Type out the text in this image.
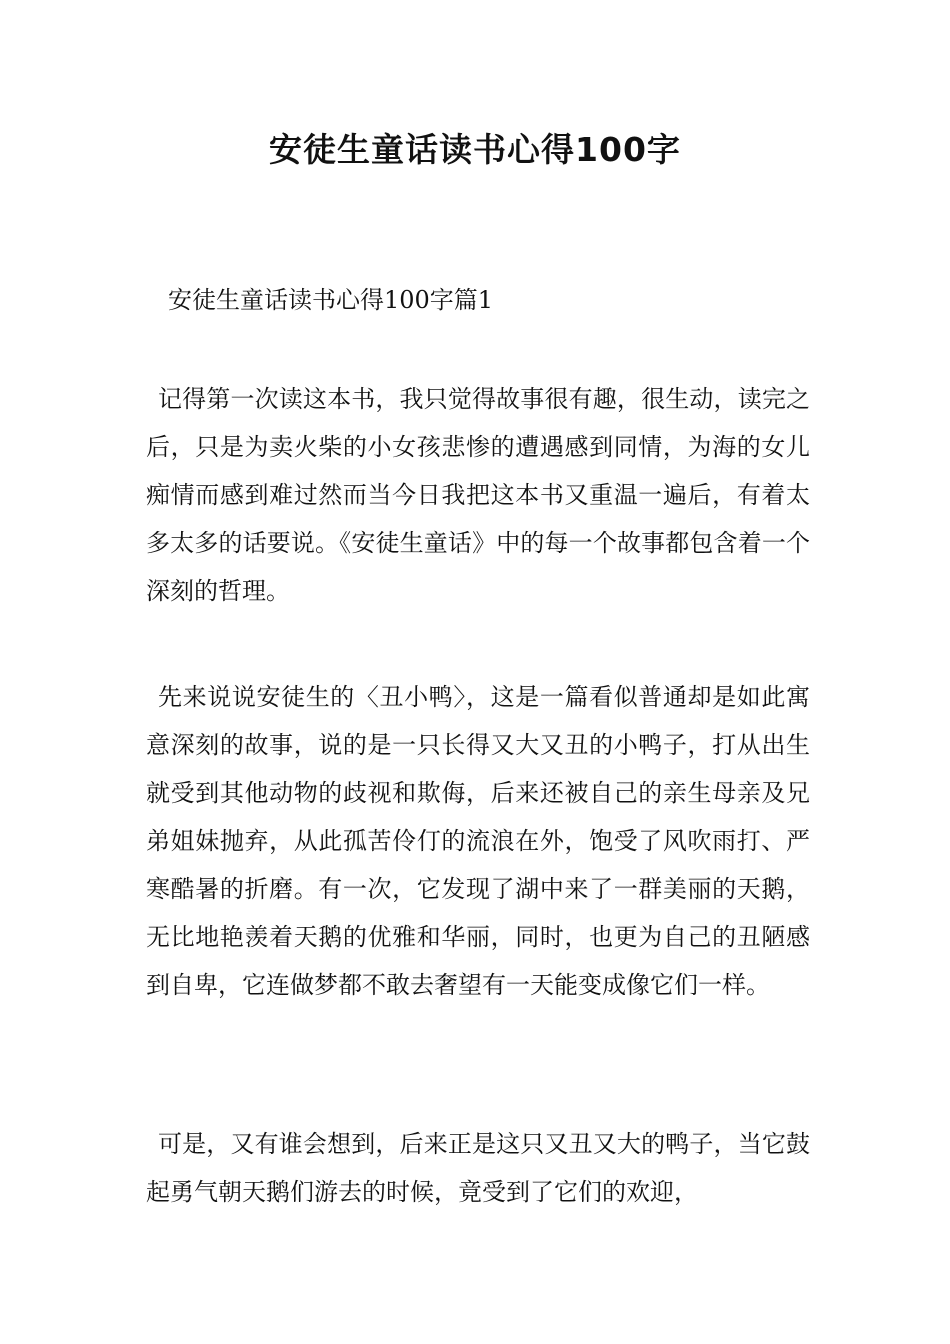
安徒生童话读书心得100字

安徒生童话读书心得100字篇1

记得第一次读这本书，我只觉得故事很有趣，很生动，读完之后，只是为卖火柴的小女孩悲惨的遭遇感到同情，为海的女儿痴情而感到难过然而当今日我把这本书又重温一遍后，有着太多太多的话要说。《安徒生童话》中的每一个故事都包含着一个深刻的哲理。

先来说说安徒生的〈丑小鸭〉，这是一篇看似普通却是如此寓意深刻的故事，说的是一只长得又大又丑的小鸭子，打从出生就受到其他动物的歧视和欺侮，后来还被自己的亲生母亲及兄弟姐妹抛弃，从此孤苦伶仃的流浪在外，饱受了风吹雨打、严寒酷暑的折磨。有一次，它发现了湖中来了一群美丽的天鹅，无比地艳羡着天鹅的优雅和华丽，同时，也更为自己的丑陋感到自卑，它连做梦都不敢去奢望有一天能变成像它们一样。

可是，又有谁会想到，后来正是这只又丑又大的鸭子，当它鼓起勇气朝天鹅们游去的时候，竟受到了它们的欢迎，
